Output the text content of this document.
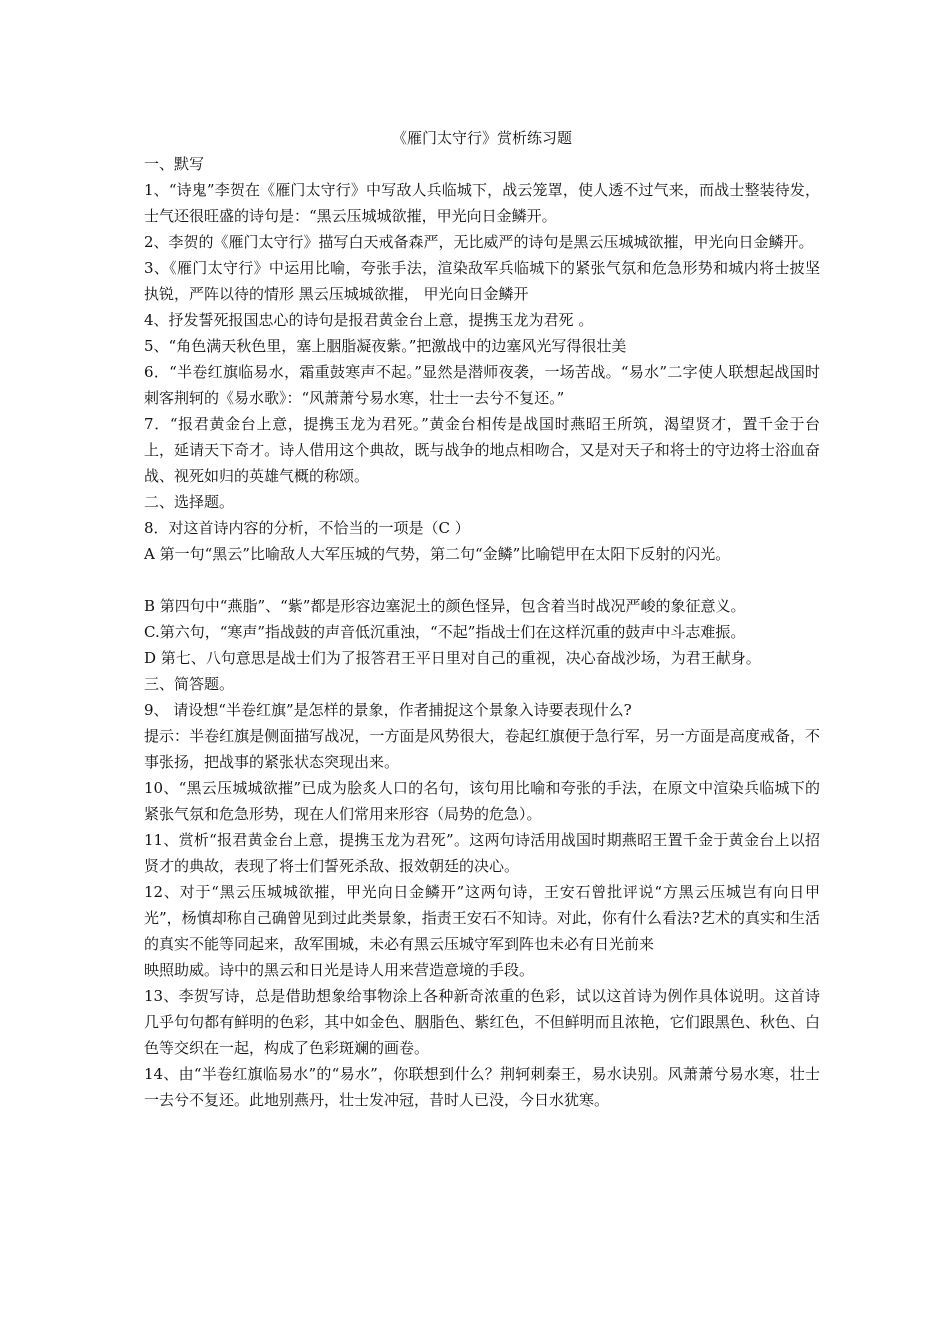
《雁门太守行》赏析练习题

一、默写

1、“诗鬼”李贺在《雁门太守行》中写敌人兵临城下，战云笼罩，使人透不过气来，而战士整装待发，士气还很旺盛的诗句是：“黑云压城城欲摧，甲光向日金鳞开。

2、李贺的《雁门太守行》描写白天戒备森严，无比威严的诗句是黑云压城城欲摧，甲光向日金鳞开。

3、《雁门太守行》中运用比喻，夸张手法，渲染敌军兵临城下的紧张气氛和危急形势和城内将士披坚执锐，严阵以待的情形 黑云压城城欲摧， 甲光向日金鳞开

4、抒发誓死报国忠心的诗句是报君黄金台上意，提携玉龙为君死 。

5、“角色满天秋色里，塞上胭脂凝夜紫。”把激战中的边塞风光写得很壮美

6．“半卷红旗临易水，霜重鼓寒声不起。”显然是潜师夜袭，一场苦战。“易水”二字使人联想起战国时刺客荆轲的《易水歌》：“风萧萧兮易水寒，壮士一去兮不复还。”

7．“报君黄金台上意，提携玉龙为君死。”黄金台相传是战国时燕昭王所筑，渴望贤才，置千金于台上，延请天下奇才。诗人借用这个典故，既与战争的地点相吻合，又是对天子和将士的守边将士浴血奋战、视死如归的英雄气概的称颂。

二、选择题。

8．对这首诗内容的分析，不恰当的一项是（C ）

A 第一句“黑云”比喻敌人大军压城的气势，第二句“金鳞”比喻铠甲在太阳下反射的闪光。

B 第四句中“燕脂”、“紫”都是形容边塞泥土的颜色怪异，包含着当时战况严峻的象征意义。

C.第六句，“寒声”指战鼓的声音低沉重浊，“不起”指战士们在这样沉重的鼓声中斗志难振。

D 第七、八句意思是战士们为了报答君王平日里对自己的重视，决心奋战沙场，为君王献身。

三、简答题。

9、 请设想“半卷红旗”是怎样的景象，作者捕捉这个景象入诗要表现什么?

提示：半卷红旗是侧面描写战况，一方面是风势很大，卷起红旗便于急行军，另一方面是高度戒备，不事张扬，把战事的紧张状态突现出来。

10、“黑云压城城欲摧”已成为脍炙人口的名句，该句用比喻和夸张的手法，在原文中渲染兵临城下的紧张气氛和危急形势，现在人们常用来形容（局势的危急）。

11、赏析“报君黄金台上意，提携玉龙为君死”。这两句诗活用战国时期燕昭王置千金于黄金台上以招贤才的典故，表现了将士们誓死杀敌、报效朝廷的决心。

12、对于“黑云压城城欲摧，甲光向日金鳞开”这两句诗，王安石曾批评说“方黑云压城岂有向日甲光”，杨慎却称自己确曾见到过此类景象，指责王安石不知诗。对此，你有什么看法?艺术的真实和生活的真实不能等同起来，敌军围城，未必有黑云压城守军到阵也未必有日光前来

映照助威。诗中的黑云和日光是诗人用来营造意境的手段。

13、李贺写诗，总是借助想象给事物涂上各种新奇浓重的色彩，试以这首诗为例作具体说明。这首诗几乎句句都有鲜明的色彩，其中如金色、胭脂色、紫红色，不但鲜明而且浓艳，它们跟黑色、秋色、白色等交织在一起，构成了色彩斑斓的画卷。

14、由“半卷红旗临易水”的“易水”，你联想到什么？荆轲刺秦王，易水诀别。风萧萧兮易水寒，壮士一去兮不复还。此地别燕丹，壮士发冲冠，昔时人已没，今日水犹寒。
